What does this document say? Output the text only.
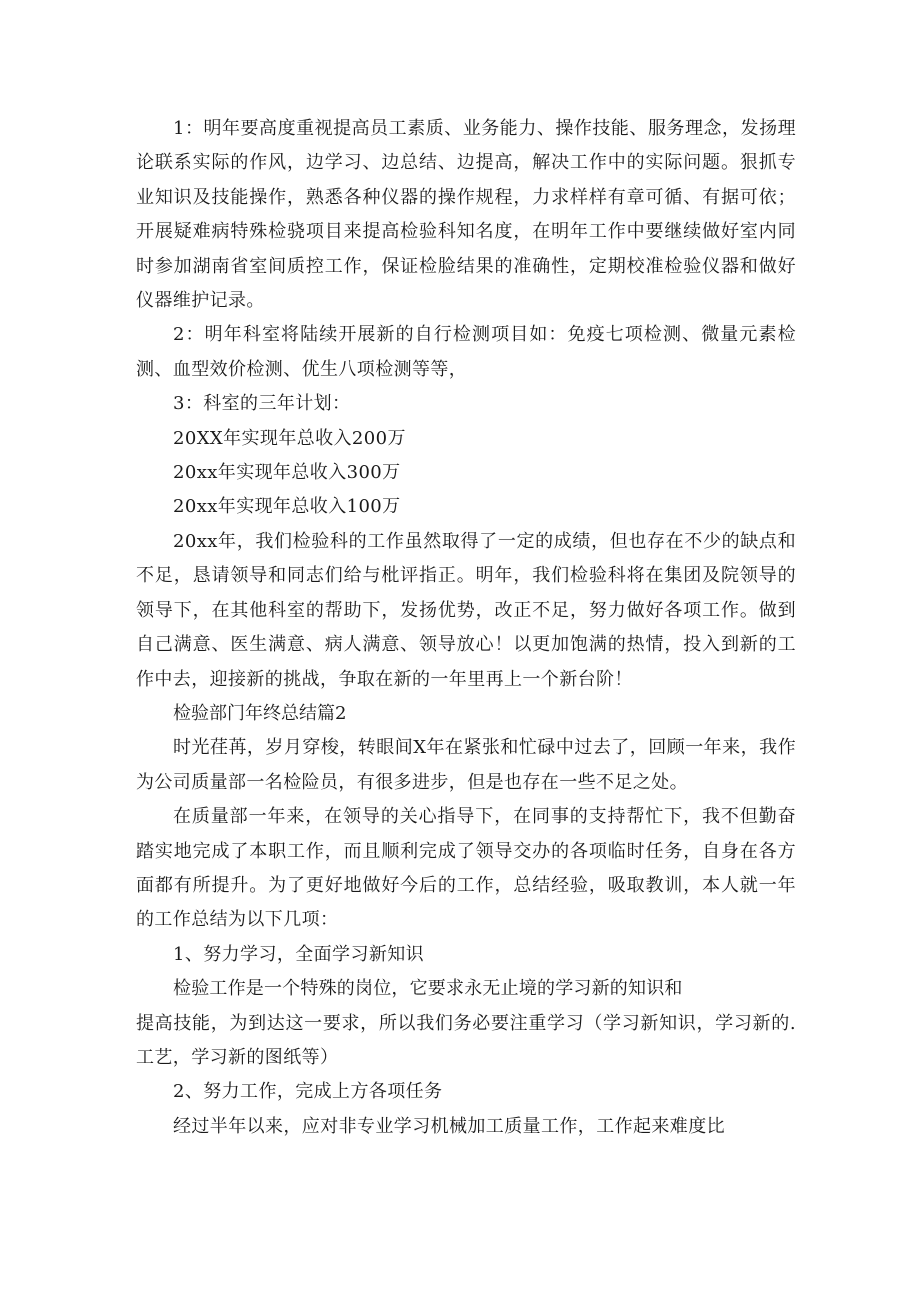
1：明年要高度重视提高员工素质、业务能力、操作技能、服务理念，发扬理论联系实际的作风，边学习、边总结、边提高，解决工作中的实际问题。狠抓专业知识及技能操作，熟悉各种仪器的操作规程，力求样样有章可循、有据可依；开展疑难病特殊检骁项目来提高检验科知名度，在明年工作中要继续做好室内同时参加湖南省室间质控工作，保证检脸结果的准确性，定期校准检验仪器和做好仪器维护记录。

2：明年科室将陆续开展新的自行检测项目如：免疫七项检测、微量元素检测、血型效价检测、优生八项检测等等，

3：科室的三年计划：

20XX年实现年总收入200万

20xx年实现年总收入300万

20xx年实现年总收入100万

20xx年，我们检验科的工作虽然取得了一定的成绩，但也存在不少的缺点和不足，恳请领导和同志们给与枇评指正。明年，我们检验科将在集团及院领导的领导下，在其他科室的帮助下，发扬优势，改正不足，努力做好各项工作。做到自己满意、医生满意、病人满意、领导放心！以更加饱满的热情，投入到新的工作中去，迎接新的挑战，争取在新的一年里再上一个新台阶！

检验部门年终总结篇2

时光荏苒，岁月穿梭，转眼间X年在紧张和忙碌中过去了，回顾一年来，我作为公司质量部一名检险员，有很多进步，但是也存在一些不足之处。

在质量部一年来，在领导的关心指导下，在同事的支持帮忙下，我不但勤奋踏实地完成了本职工作，而且顺利完成了领导交办的各项临时任务，自身在各方面都有所提升。为了更好地做好今后的工作，总结经验，吸取教训，本人就一年的工作总结为以下几项：

1、努力学习，全面学习新知识

检验工作是一个特殊的岗位，它要求永无止境的学习新的知识和

提高技能，为到达这一要求，所以我们务必要注重学习（学习新知识，学习新的.工艺，学习新的图纸等）

2、努力工作，完成上方各项任务

经过半年以来，应对非专业学习机械加工质量工作，工作起来难度比
